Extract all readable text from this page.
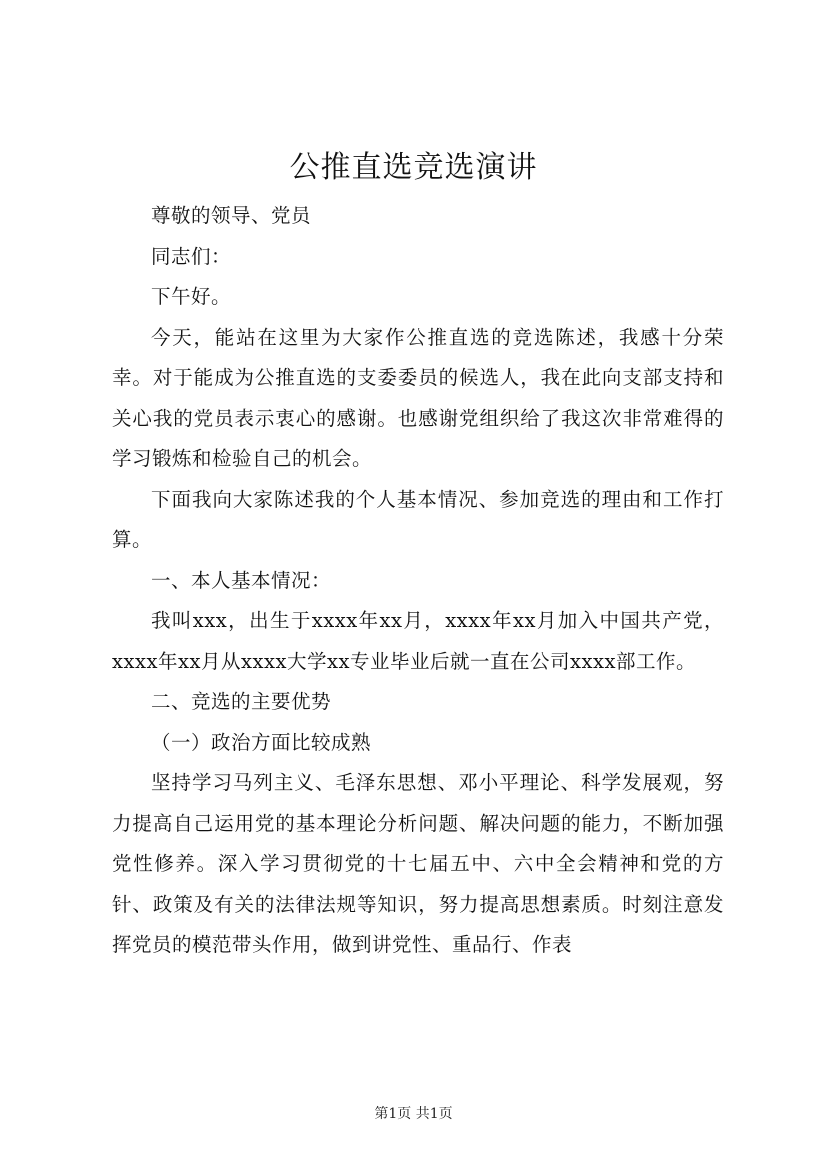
公推直选竞选演讲

尊敬的领导、党员

同志们：

下午好。

今天，能站在这里为大家作公推直选的竞选陈述，我感十分荣幸。对于能成为公推直选的支委委员的候选人，我在此向支部支持和关心我的党员表示衷心的感谢。也感谢党组织给了我这次非常难得的学习锻炼和检验自己的机会。

下面我向大家陈述我的个人基本情况、参加竞选的理由和工作打算。

一、本人基本情况：

我叫xxx，出生于xxxx年xx月，xxxx年xx月加入中国共产党，xxxx年xx月从xxxx大学xx专业毕业后就一直在公司xxxx部工作。

二、竞选的主要优势

（一）政治方面比较成熟

坚持学习马列主义、毛泽东思想、邓小平理论、科学发展观，努力提高自己运用党的基本理论分析问题、解决问题的能力，不断加强党性修养。深入学习贯彻党的十七届五中、六中全会精神和党的方针、政策及有关的法律法规等知识，努力提高思想素质。时刻注意发挥党员的模范带头作用，做到讲党性、重品行、作表

第1页 共1页
